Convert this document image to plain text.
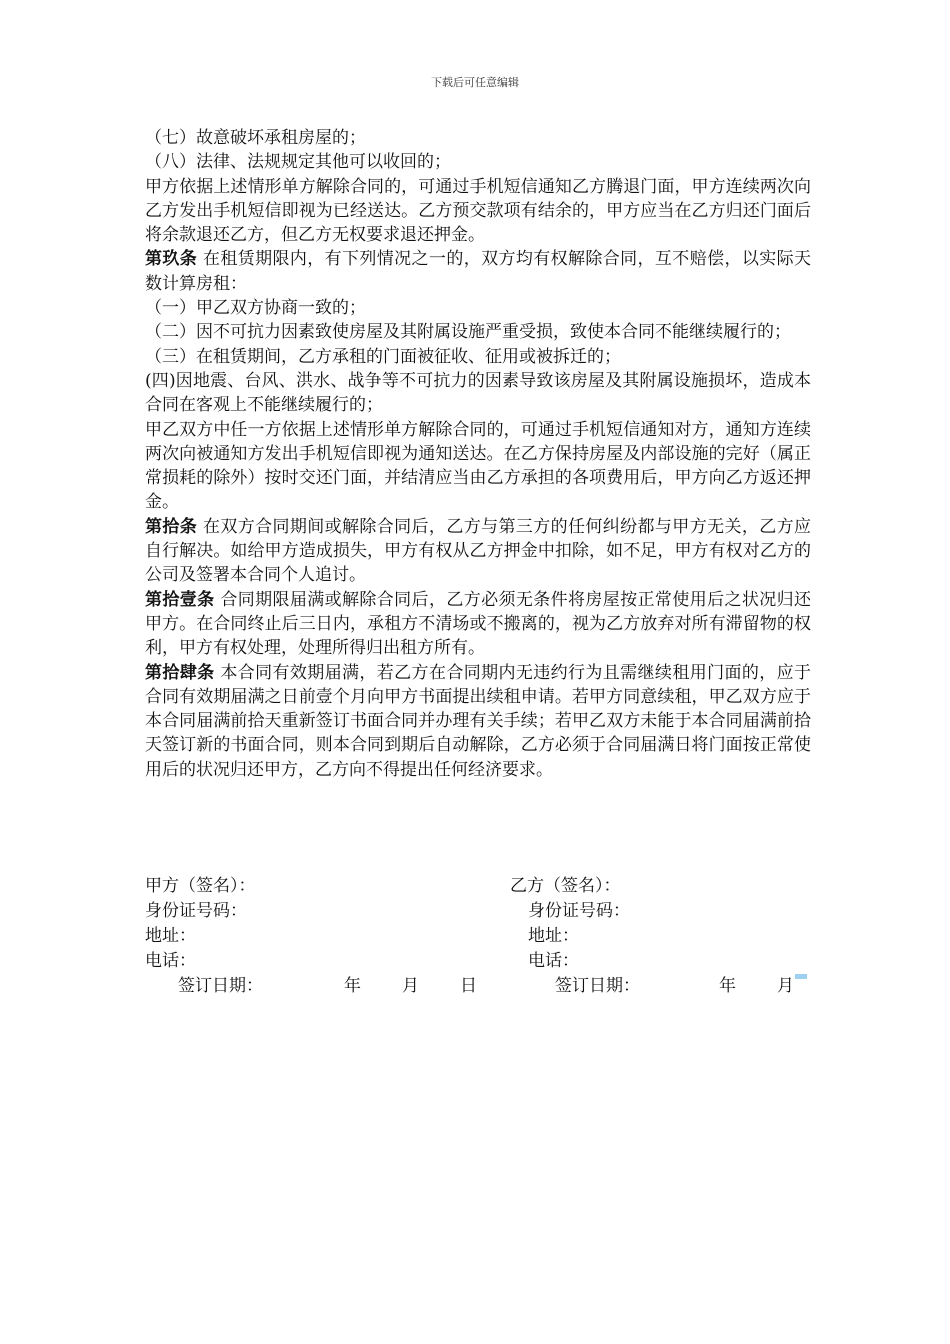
下载后可任意编辑

（七）故意破坏承租房屋的；

（八）法律、法规规定其他可以收回的；

甲方依据上述情形单方解除合同的，可通过手机短信通知乙方腾退门面，甲方连续两次向乙方发出手机短信即视为已经送达。乙方预交款项有结余的，甲方应当在乙方归还门面后将余款退还乙方，但乙方无权要求退还押金。

第玖条 在租赁期限内，有下列情况之一的，双方均有权解除合同，互不赔偿，以实际天数计算房租：

（一）甲乙双方协商一致的；

（二）因不可抗力因素致使房屋及其附属设施严重受损，致使本合同不能继续履行的；

（三）在租赁期间，乙方承租的门面被征收、征用或被拆迁的；

(四)因地震、台风、洪水、战争等不可抗力的因素导致该房屋及其附属设施损坏，造成本合同在客观上不能继续履行的；

甲乙双方中任一方依据上述情形单方解除合同的，可通过手机短信通知对方，通知方连续两次向被通知方发出手机短信即视为通知送达。在乙方保持房屋及内部设施的完好（属正常损耗的除外）按时交还门面，并结清应当由乙方承担的各项费用后，甲方向乙方返还押金。

第拾条 在双方合同期间或解除合同后，乙方与第三方的任何纠纷都与甲方无关，乙方应自行解决。如给甲方造成损失，甲方有权从乙方押金中扣除，如不足，甲方有权对乙方的公司及签署本合同个人追讨。

第拾壹条 合同期限届满或解除合同后，乙方必须无条件将房屋按正常使用后之状况归还甲方。在合同终止后三日内，承租方不清场或不搬离的，视为乙方放弃对所有滞留物的权利，甲方有权处理，处理所得归出租方所有。

第拾肆条 本合同有效期届满，若乙方在合同期内无违约行为且需继续租用门面的，应于合同有效期届满之日前壹个月向甲方书面提出续租申请。若甲方同意续租，甲乙双方应于本合同届满前拾天重新签订书面合同并办理有关手续；若甲乙双方未能于本合同届满前拾天签订新的书面合同，则本合同到期后自动解除，乙方必须于合同届满日将门面按正常使用后的状况归还甲方，乙方向不得提出任何经济要求。

甲方（签名）：	乙方（签名）：
身份证号码：	身份证号码：
地址：	地址：
电话：	电话：
签订日期：	年 月 日	签订日期：	年 月
